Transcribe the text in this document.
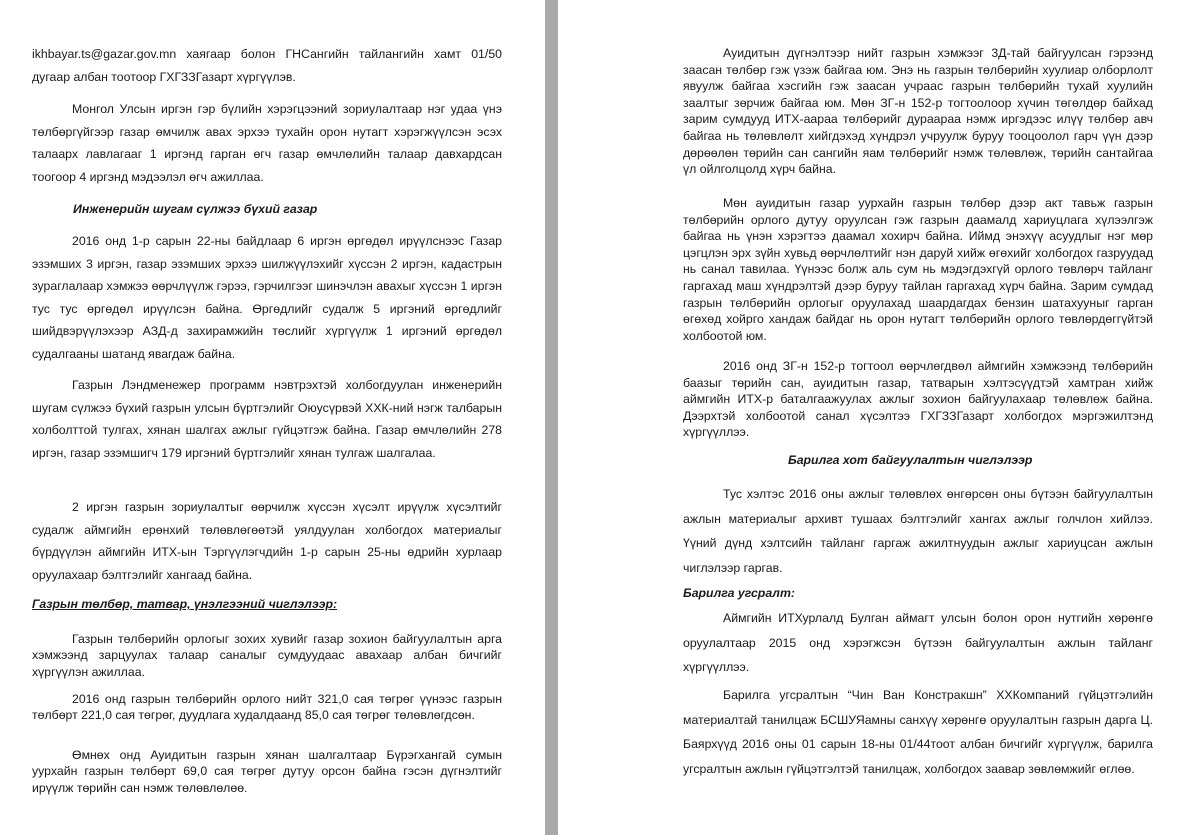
ikhbayar.ts@gazar.gov.mn хаягаар болон ГНСангийн тайлангийн хамт 01/50 дугаар албан тоотоор ГХГЗЗГазарт хүргүүлэв.

Монгол Улсын иргэн гэр бүлийн хэрэгцээний зориулалтаар нэг удаа үнэ төлбөргүйгээр газар өмчилж авах эрхээ тухайн орон нутагт хэрэгжүүлсэн эсэх талаарх лавлагааг 1 иргэнд гарган өгч газар өмчлөлийн талаар давхардсан тоогоор 4 иргэнд мэдээлэл өгч ажиллаа.

Инженерийн шугам сүлжээ бүхий газар

2016 онд 1-р сарын 22-ны байдлаар 6 иргэн өргөдөл ирүүлснээс Газар эзэмших 3 иргэн, газар эзэмших эрхээ шилжүүлэхийг хүссэн 2 иргэн, кадастрын зураглалаар хэмжээ өөрчлүүлж гэрээ, гэрчилгээг шинэчлэн авахыг хүссэн 1 иргэн тус тус өргөдөл ирүүлсэн байна. Өргөдлийг судалж 5 иргэний өргөдлийг шийдвэрүүлэхээр АЗД-д захирамжийн төслийг хүргүүлж 1 иргэний өргөдөл судалгааны шатанд явагдаж байна.

Газрын Лэндменежер программ нэвтрэхтэй холбогдуулан инженерийн шугам сүлжээ бүхий газрын улсын бүртгэлийг Оюусүрвэй ХХК-ний нэгж талбарын холболттой тулгах, хянан шалгах ажлыг гүйцэтгэж байна. Газар өмчлөлийн 278 иргэн, газар эзэмшигч 179 иргэний бүртгэлийг хянан тулгаж шалгалаа.

2 иргэн газрын зориулалтыг өөрчилж хүссэн хүсэлт ирүүлж хүсэлтийг судалж аймгийн ерөнхий төлөвлөгөөтэй уялдуулан холбогдох материалыг бүрдүүлэн аймгийн ИТХ-ын Тэргүүлэгчдийн 1-р сарын 25-ны өдрийн хурлаар оруулахаар бэлтгэлийг хангаад байна.

Газрын төлбөр, татвар, үнэлгээний чиглэлээр:

Газрын төлбөрийн орлогыг зохих хувийг газар зохион байгуулалтын арга хэмжээнд зарцуулах талаар саналыг сумдуудаас авахаар албан бичгийг хүргүүлэн ажиллаа.

2016 онд газрын төлбөрийн орлого нийт 321,0 сая төгрөг үүнээс газрын төлбөрт 221,0 сая төгрөг, дуудлага худалдаанд 85,0 сая төгрөг төлөвлөгдсөн.

Өмнөх онд Ауидитын газрын хянан шалгалтаар Бүрэгхангай сумын уурхайн газрын төлбөрт 69,0 сая төгрөг дутуу орсон байна гэсэн дүгнэлтийг ирүүлж төрийн сан нэмж төлөвлөлөө.

Ауидитын дүгнэлтээр нийт газрын хэмжээг 3Д-тай байгуулсан гэрээнд заасан төлбөр гэж үзэж байгаа юм. Энэ нь газрын төлбөрийн хуулиар олборлолт явуулж байгаа хэсгийн гэж заасан учраас газрын төлбөрийн тухай хуулийн заалтыг зөрчиж байгаа юм. Мөн ЗГ-н 152-р тогтоолоор хүчин төгөлдөр байхад зарим сумдууд ИТХ-аараа төлбөрийг дураараа нэмж иргэдээс илүү төлбөр авч байгаа нь төлөвлөлт хийгдэхэд хүндрэл учруулж буруу тооцоолол гарч үүн дээр дөрөөлөн төрийн сан сангийн яам төлбөрийг нэмж төлөвлөж, төрийн сантайгаа үл ойлголцолд хүрч байна.

Мөн ауидитын газар уурхайн газрын төлбөр дээр акт тавьж газрын төлбөрийн орлого дутуу оруулсан гэж газрын даамалд хариуцлага хүлээлгэж байгаа нь үнэн хэрэгтээ даамал хохирч байна. Иймд энэхүү асуудлыг нэг мөр цэгцлэн эрх зүйн хувьд өөрчлөлтийг нэн даруй хийж өгөхийг холбогдох газруудад нь санал тавилаа. Үүнээс болж аль сум нь мэдэгдэхгүй орлого төвлөрч тайланг гаргахад маш хүндрэлтэй дээр буруу тайлан гаргахад хүрч байна. Зарим сумдад газрын төлбөрийн орлогыг оруулахад шаардагдах бензин шатахууныг гарган өгөхөд хойрго хандаж байдаг нь орон нутагт төлбөрийн орлого төвлөрдөггүйтэй холбоотой юм.

2016 онд ЗГ-н 152-р тогтоол өөрчлөгдвөл аймгийн хэмжээнд төлбөрийн баазыг төрийн сан, ауидитын газар, татварын хэлтэсүүдтэй хамтран хийж аймгийн ИТХ-р баталгаажуулах ажлыг зохион байгуулахаар төлөвлөж байна. Дээрхтэй холбоотой санал хүсэлтээ ГХГЗЗГазарт холбогдох мэргэжилтэнд хүргүүллээ.

Барилга хот байгуулалтын чиглэлээр

Тус хэлтэс 2016 оны ажлыг төлөвлөх өнгөрсөн оны бүтээн байгуулалтын ажлын материалыг архивт тушаах бэлтгэлийг хангах ажлыг голчлон хийлээ. Үүний дүнд хэлтсийн тайланг гаргаж ажилтнуудын ажлыг хариуцсан ажлын чиглэлээр гаргав.

Барилга угсралт:

Аймгийн ИТХурлалд Булган аймагт улсын болон орон нутгийн хөрөнгө оруулалтаар 2015 онд хэрэгжсэн бүтээн байгуулалтын ажлын тайланг хүргүүллээ.

Барилга угсралтын “Чин Ван Констракшн” ХХКомпаний гүйцэтгэлийн материалтай танилцаж БСШУЯамны санхүү хөрөнгө оруулалтын газрын дарга Ц. Баярхүүд 2016 оны 01 сарын 18-ны 01/44тоот албан бичгийг хүргүүлж, барилга угсралтын ажлын гүйцэтгэлтэй танилцаж, холбогдох заавар зөвлөмжийг өглөө.
